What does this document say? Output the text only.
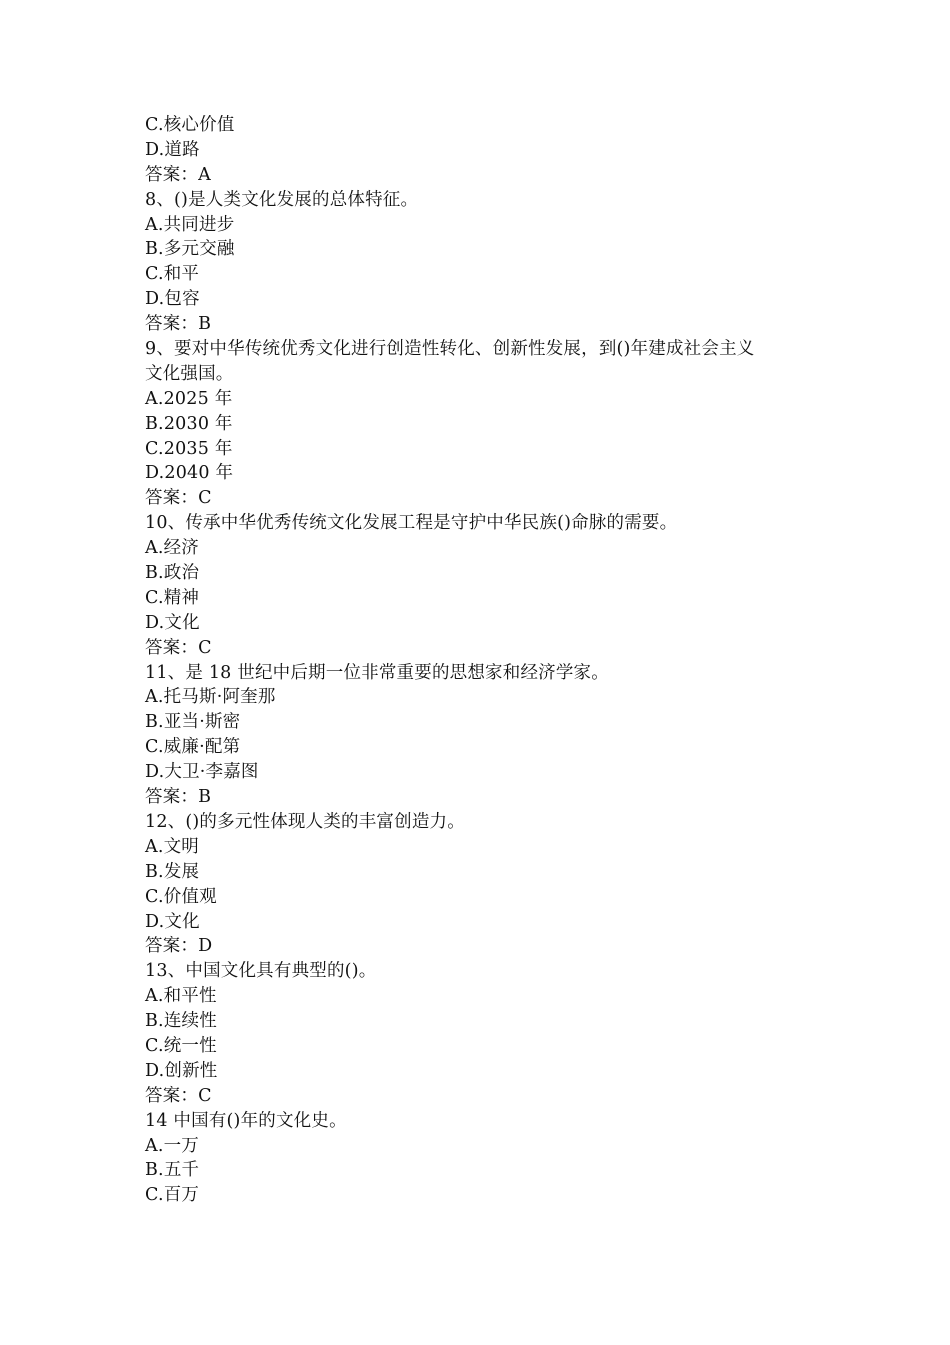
C.核心价值
D.道路
答案：A
8、()是人类文化发展的总体特征。
A.共同进步
B.多元交融
C.和平
D.包容
答案：B
9、要对中华传统优秀文化进行创造性转化、创新性发展，到()年建成社会主义
文化强国。
A.2025 年
B.2030 年
C.2035 年
D.2040 年
答案：C
10、传承中华优秀传统文化发展工程是守护中华民族()命脉的需要。
A.经济
B.政治
C.精神
D.文化
答案：C
11、是 18 世纪中后期一位非常重要的思想家和经济学家。
A.托马斯·阿奎那
B.亚当·斯密
C.威廉·配第
D.大卫·李嘉图
答案：B
12、()的多元性体现人类的丰富创造力。
A.文明
B.发展
C.价值观
D.文化
答案：D
13、中国文化具有典型的()。
A.和平性
B.连续性
C.统一性
D.创新性
答案：C
14 中国有()年的文化史。
A.一万
B.五千
C.百万
